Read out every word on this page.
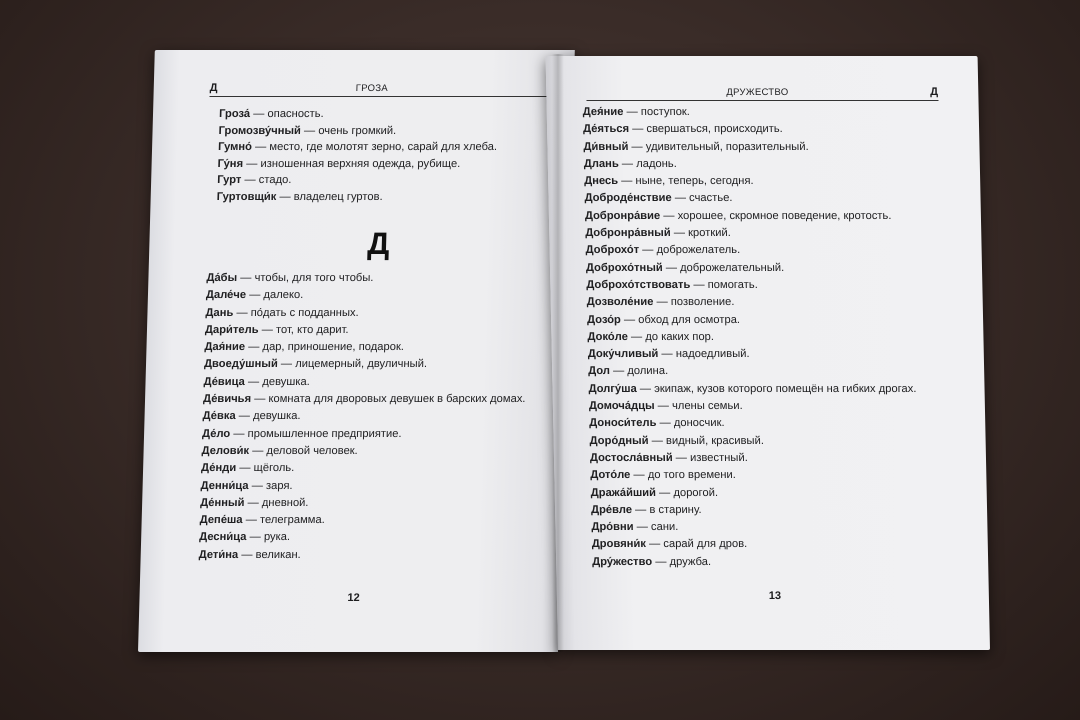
Д	ГРОЗА
Гроза́ — опасность.
Громозву́чный — очень громкий.
Гумно́ — место, где молотят зерно, сарай для хлеба.
Гу́ня — изношенная верхняя одежда, рубище.
Гурт — стадо.
Гуртовщи́к — владелец гуртов.
Д
Да́бы — чтобы, для того чтобы.
Дале́че — далеко.
Дань — по́дать с подданных.
Дари́тель — тот, кто дарит.
Дая́ние — дар, приношение, подарок.
Двоеду́шный — лицемерный, двуличный.
Де́вица — девушка.
Де́вичья — комната для дворовых девушек в барских домах.
Де́вка — девушка.
Де́ло — промышленное предприятие.
Делови́к — деловой человек.
Де́нди — щёголь.
Денни́ца — заря.
Де́нный — дневной.
Депе́ша — телеграмма.
Десни́ца — рука.
Дети́на — великан.
12
ДРУЖЕСТВО	Д
Дея́ние — поступок.
Де́яться — свершаться, происходить.
Ди́вный — удивительный, поразительный.
Длань — ладонь.
Днесь — ныне, теперь, сегодня.
Доброде́нствие — счастье.
Добронра́вие — хорошее, скромное поведение, кротость.
Добронра́вный — кроткий.
Доброхо́т — доброжелатель.
Доброхо́тный — доброжелательный.
Доброхо́тствовать — помогать.
Дозволе́ние — позволение.
Дозо́р — обход для осмотра.
Доко́ле — до каких пор.
Доку́чливый — надоедливый.
Дол — долина.
Долгу́ша — экипаж, кузов которого помещён на гибких дрогах.
Домоча́дцы — члены семьи.
Доноси́тель — доносчик.
Доро́дный — видный, красивый.
Достосла́вный — известный.
Дото́ле — до того времени.
Дража́йший — дорогой.
Дре́вле — в старину.
Дро́вни — сани.
Дровяни́к — сарай для дров.
Дру́жество — дружба.
13
